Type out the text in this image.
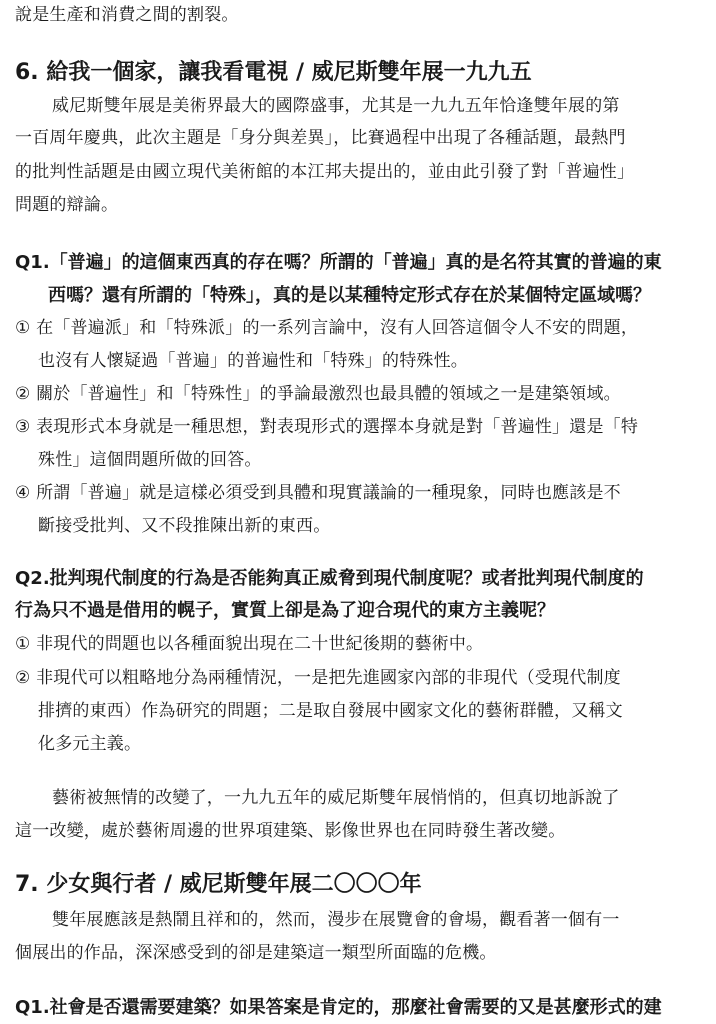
說是生產和消費之間的割裂。
6. 給我一個家，讓我看電視 / 威尼斯雙年展一九九五
威尼斯雙年展是美術界最大的國際盛事，尤其是一九九五年恰逢雙年展的第
一百周年慶典，此次主題是「身分與差異」，比賽過程中出現了各種話題，最熱門
的批判性話題是由國立現代美術館的本江邦夫提出的，並由此引發了對「普遍性」
問題的辯論。
Q1.「普遍」的這個東西真的存在嗎？所謂的「普遍」真的是名符其實的普遍的東
西嗎？還有所謂的「特殊」，真的是以某種特定形式存在於某個特定區域嗎？
① 在「普遍派」和「特殊派」的一系列言論中，沒有人回答這個令人不安的問題，
也沒有人懷疑過「普遍」的普遍性和「特殊」的特殊性。
② 關於「普遍性」和「特殊性」的爭論最激烈也最具體的領域之一是建築領域。
③ 表現形式本身就是一種思想，對表現形式的選擇本身就是對「普遍性」還是「特
殊性」這個問題所做的回答。
④ 所謂「普遍」就是這樣必須受到具體和現實議論的一種現象，同時也應該是不
斷接受批判、又不段推陳出新的東西。
Q2.批判現代制度的行為是否能夠真正威脅到現代制度呢？或者批判現代制度的
行為只不過是借用的幌子，實質上卻是為了迎合現代的東方主義呢？
① 非現代的問題也以各種面貌出現在二十世紀後期的藝術中。
② 非現代可以粗略地分為兩種情況，一是把先進國家內部的非現代（受現代制度
排擠的東西）作為研究的問題；二是取自發展中國家文化的藝術群體，又稱文
化多元主義。
藝術被無情的改變了，一九九五年的威尼斯雙年展悄悄的，但真切地訴說了
這一改變，處於藝術周邊的世界項建築、影像世界也在同時發生著改變。
7. 少女與行者 / 威尼斯雙年展二〇〇〇年
雙年展應該是熱鬧且祥和的，然而，漫步在展覽會的會場，觀看著一個有一
個展出的作品，深深感受到的卻是建築這一類型所面臨的危機。
Q1.社會是否還需要建築？如果答案是肯定的，那麼社會需要的又是甚麼形式的建
